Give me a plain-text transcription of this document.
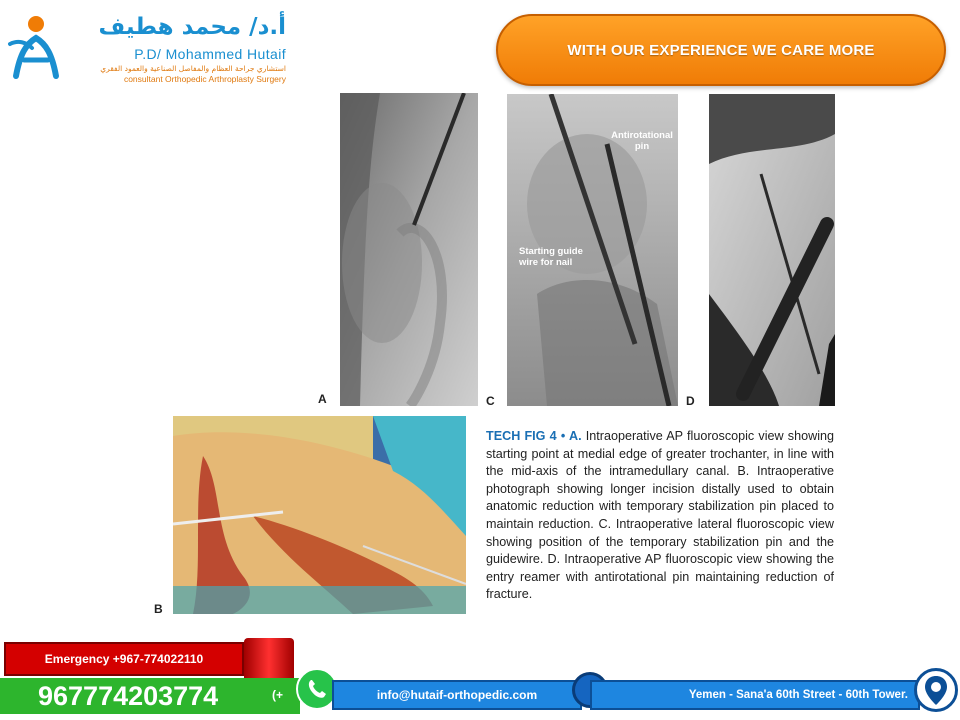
أ.د/ محمد هطيف
P.D/ Mohammed Hutaif
استشاري جراحة العظام والمفاصل الصناعية والعمود الفقري
consultant Orthopedic Arthroplasty Surgery
WITH OUR EXPERIENCE WE CARE MORE
A
Antirotational pin
Starting guide wire for nail
C	D
B
TECH FIG 4 • A. Intraoperative AP fluoroscopic view showing starting point at medial edge of greater trochanter, in line with the mid-axis of the intramedullary canal. B. Intraoperative photograph showing longer incision distally used to obtain anatomic reduction with temporary stabilization pin placed to maintain reduction. C. Intraoperative lateral fluoroscopic view showing position of the temporary stabilization pin and the guidewire. D. Intraoperative AP fluoroscopic view showing the entry reamer with antirotational pin maintaining reduction of fracture.
Emergency +967-774022110
967774203774	(+	info@hutaif-orthopedic.com	Yemen - Sana'a 60th Street - 60th Tower.
